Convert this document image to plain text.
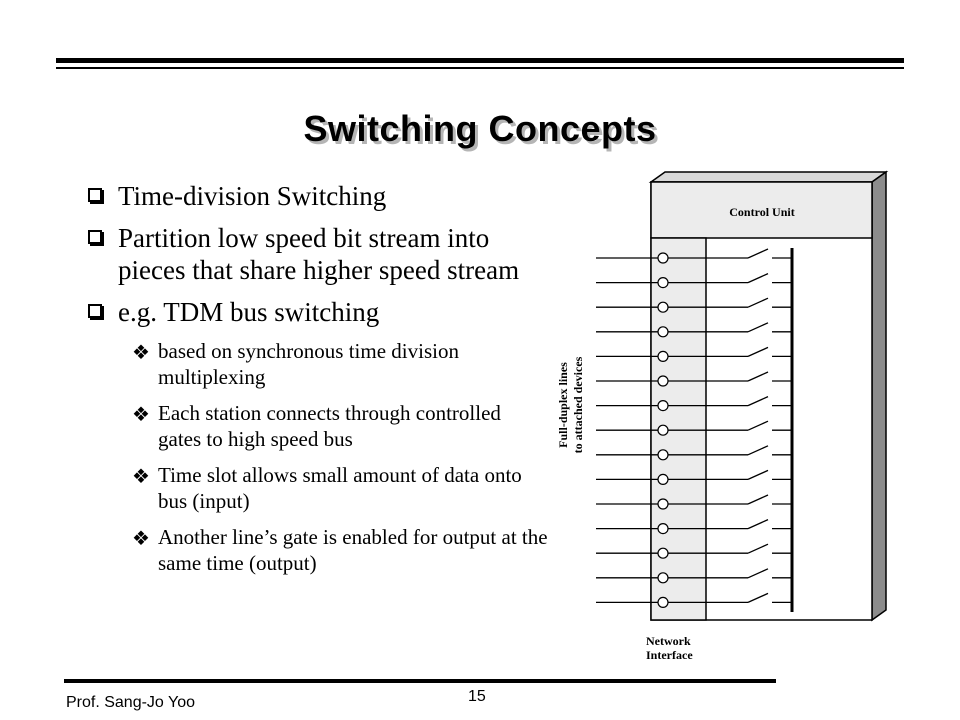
Switching Concepts
Time-division Switching
Partition low speed bit stream into pieces that share higher speed stream
e.g. TDM bus switching
❖ based on synchronous time division multiplexing
❖ Each station connects through controlled gates to high speed bus
❖ Time slot allows small amount of data onto bus (input)
❖ Another line’s gate is enabled for output at the same time (output)
Control Unit
Network
Interface
Full-duplex lines to attached devices
Prof. Sang-Jo Yoo	15
